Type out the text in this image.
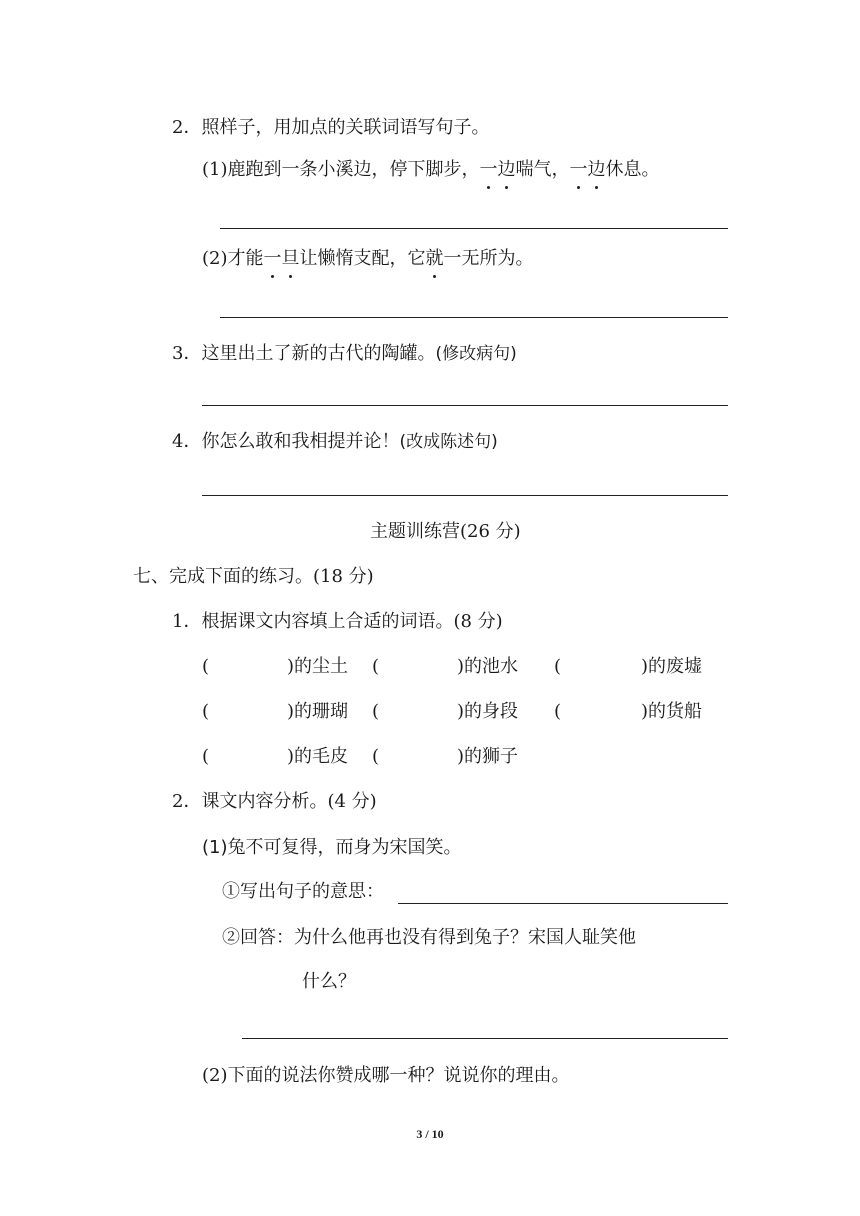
2．照样子，用加点的关联词语写句子。
(1)鹿跑到一条小溪边，停下脚步，一边喘气，一边休息。
(2)才能一旦让懒惰支配，它就一无所为。
3．这里出土了新的古代的陶罐。(修改病句)
4．你怎么敢和我相提并论！(改成陈述句)
主题训练营(26 分)
七、完成下面的练习。(18 分)
1．根据课文内容填上合适的词语。(8 分)
(	)的尘土 (	)的池水 (	)的废墟
(	)的珊瑚 (	)的身段 (	)的货船
(	)的毛皮 (	)的狮子
2．课文内容分析。(4 分)
(1)兔不可复得，而身为宋国笑。
①写出句子的意思：
②回答：为什么他再也没有得到兔子？宋国人耻笑他
什么？
(2)下面的说法你赞成哪一种？说说你的理由。
3 / 10
